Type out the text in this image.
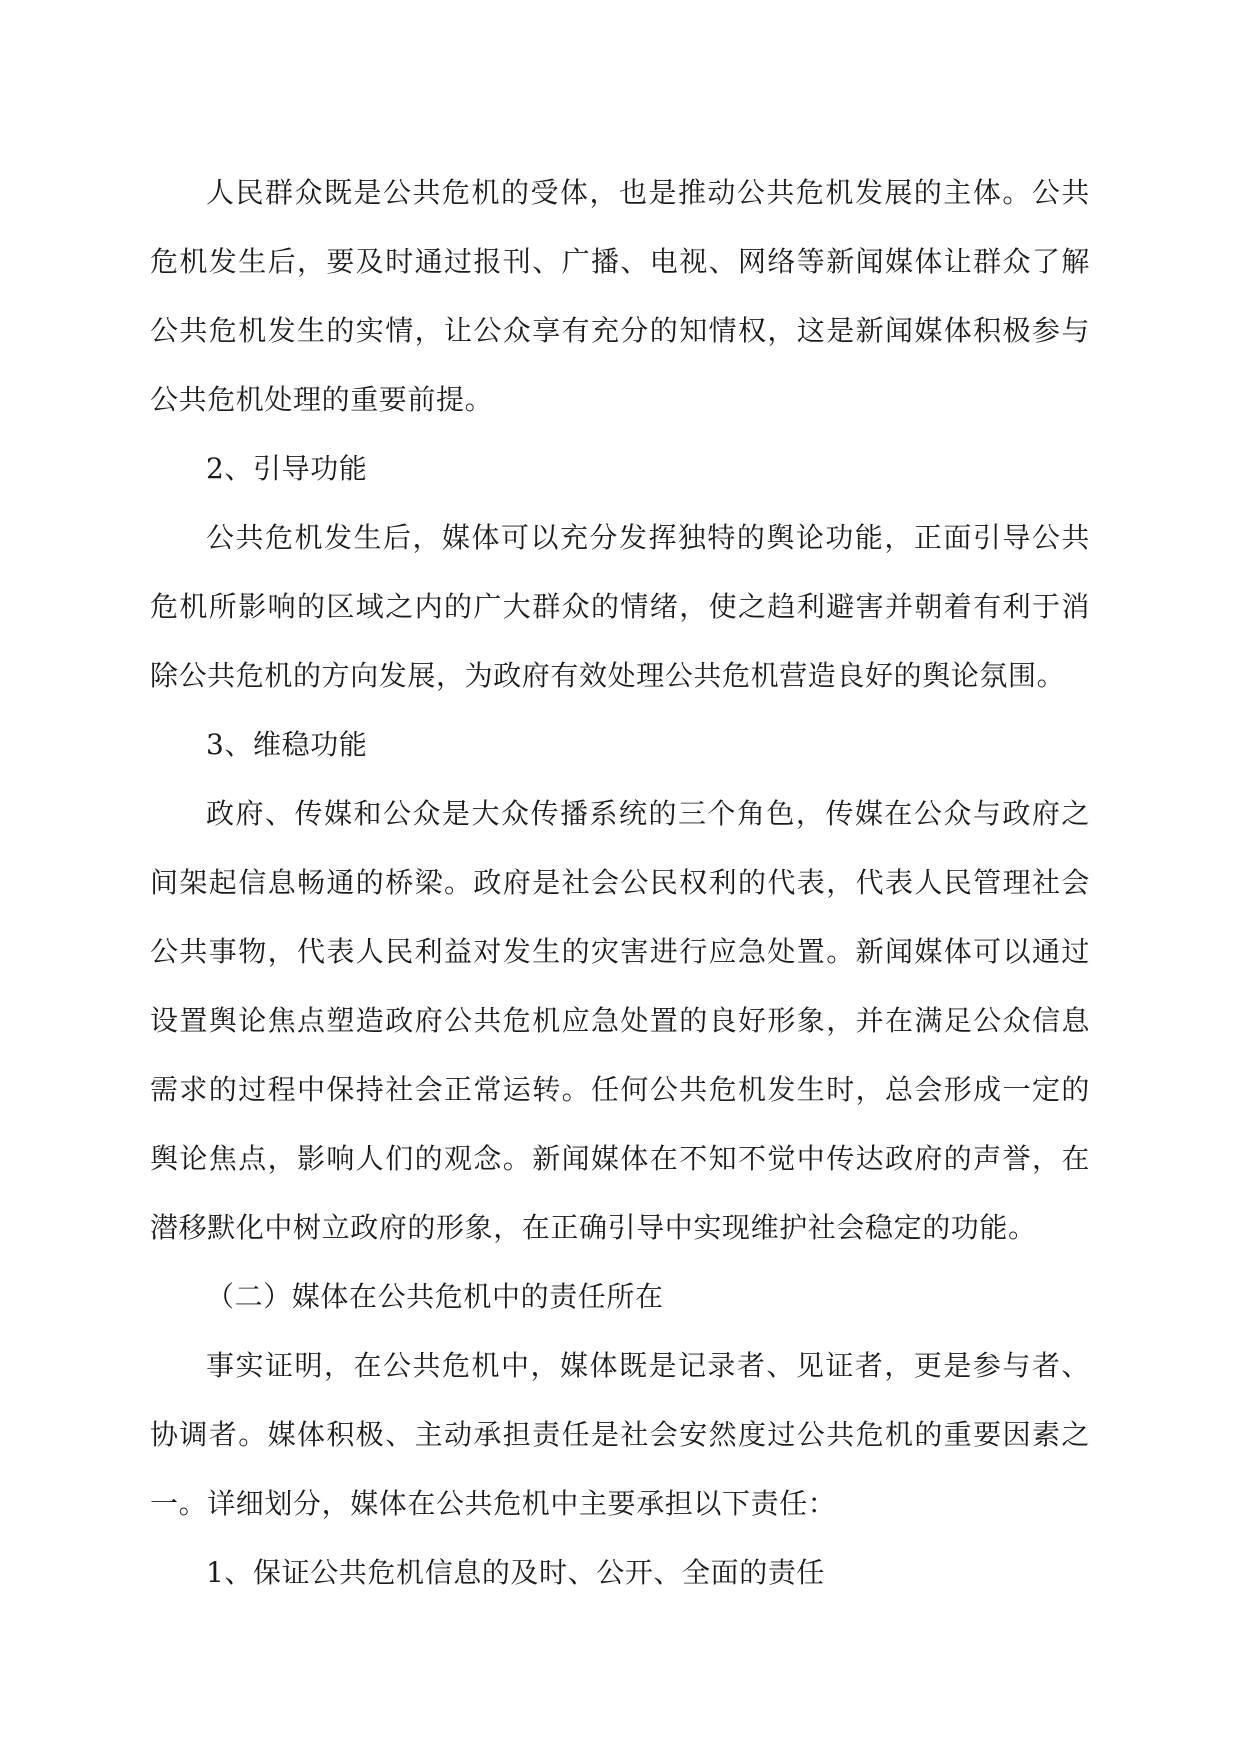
人民群众既是公共危机的受体，也是推动公共危机发展的主体。公共危机发生后，要及时通过报刊、广播、电视、网络等新闻媒体让群众了解公共危机发生的实情，让公众享有充分的知情权，这是新闻媒体积极参与公共危机处理的重要前提。

2、引导功能

公共危机发生后，媒体可以充分发挥独特的舆论功能，正面引导公共危机所影响的区域之内的广大群众的情绪，使之趋利避害并朝着有利于消除公共危机的方向发展，为政府有效处理公共危机营造良好的舆论氛围。

3、维稳功能

政府、传媒和公众是大众传播系统的三个角色，传媒在公众与政府之间架起信息畅通的桥梁。政府是社会公民权利的代表，代表人民管理社会公共事物，代表人民利益对发生的灾害进行应急处置。新闻媒体可以通过设置舆论焦点塑造政府公共危机应急处置的良好形象，并在满足公众信息需求的过程中保持社会正常运转。任何公共危机发生时，总会形成一定的舆论焦点，影响人们的观念。新闻媒体在不知不觉中传达政府的声誉，在潜移默化中树立政府的形象，在正确引导中实现维护社会稳定的功能。

（二）媒体在公共危机中的责任所在

事实证明，在公共危机中，媒体既是记录者、见证者，更是参与者、协调者。媒体积极、主动承担责任是社会安然度过公共危机的重要因素之一。详细划分，媒体在公共危机中主要承担以下责任：

1、保证公共危机信息的及时、公开、全面的责任
